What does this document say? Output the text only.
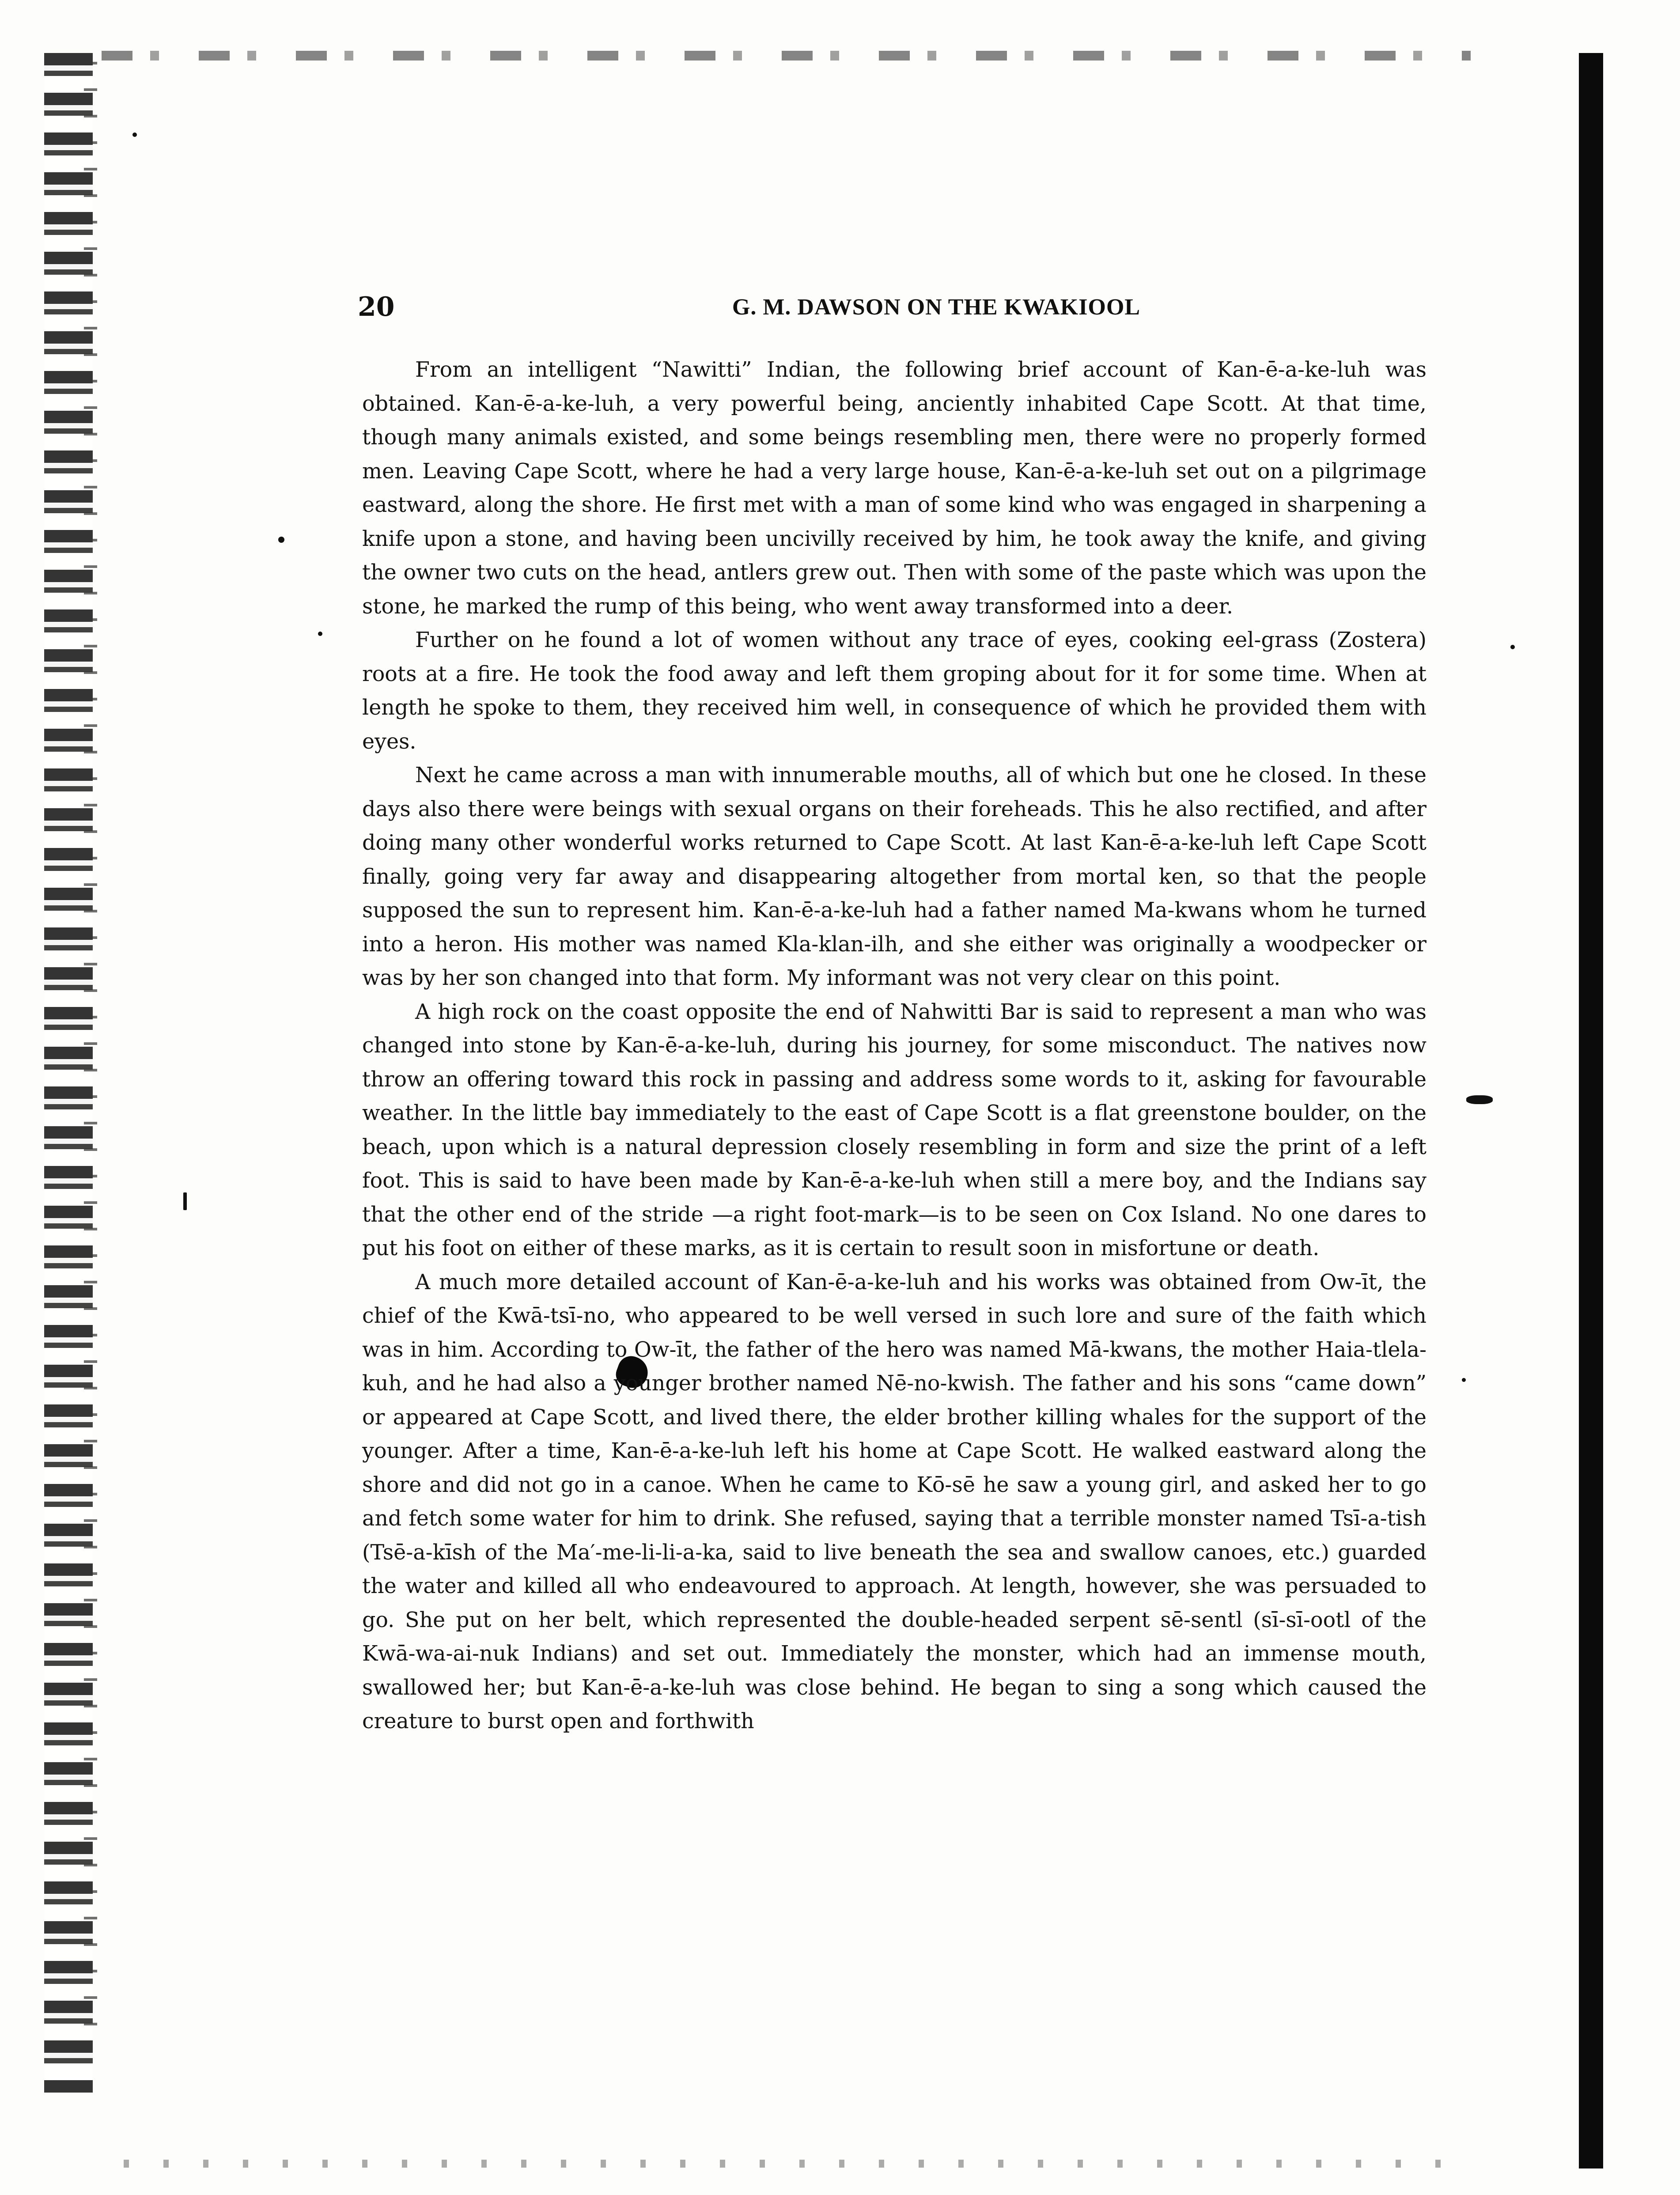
20	G. M. DAWSON ON THE KWAKIOOL

From an intelligent “Nawitti” Indian, the following brief account of Kan-ē-a-ke-luh was obtained. Kan-ē-a-ke-luh, a very powerful being, anciently inhabited Cape Scott. At that time, though many animals existed, and some beings resembling men, there were no properly formed men. Leaving Cape Scott, where he had a very large house, Kan-ē-a-ke-luh set out on a pilgrimage eastward, along the shore. He first met with a man of some kind who was engaged in sharpening a knife upon a stone, and having been uncivilly received by him, he took away the knife, and giving the owner two cuts on the head, antlers grew out. Then with some of the paste which was upon the stone, he marked the rump of this being, who went away transformed into a deer.

Further on he found a lot of women without any trace of eyes, cooking eel-grass (Zostera) roots at a fire. He took the food away and left them groping about for it for some time. When at length he spoke to them, they received him well, in consequence of which he provided them with eyes.

Next he came across a man with innumerable mouths, all of which but one he closed. In these days also there were beings with sexual organs on their foreheads. This he also rectified, and after doing many other wonderful works returned to Cape Scott. At last Kan-ē-a-ke-luh left Cape Scott finally, going very far away and disappearing altogether from mortal ken, so that the people supposed the sun to represent him. Kan-ē-a-ke-luh had a father named Ma-kwans whom he turned into a heron. His mother was named Kla-klan-ilh, and she either was originally a woodpecker or was by her son changed into that form. My informant was not very clear on this point.

A high rock on the coast opposite the end of Nahwitti Bar is said to represent a man who was changed into stone by Kan-ē-a-ke-luh, during his journey, for some misconduct. The natives now throw an offering toward this rock in passing and address some words to it, asking for favourable weather. In the little bay immediately to the east of Cape Scott is a flat greenstone boulder, on the beach, upon which is a natural depression closely resembling in form and size the print of a left foot. This is said to have been made by Kan-ē-a-ke-luh when still a mere boy, and the Indians say that the other end of the stride —a right foot-mark—is to be seen on Cox Island. No one dares to put his foot on either of these marks, as it is certain to result soon in misfortune or death.

A much more detailed account of Kan-ē-a-ke-luh and his works was obtained from Ow-īt, the chief of the Kwā-tsī-no, who appeared to be well versed in such lore and sure of the faith which was in him. According to Ow-īt, the father of the hero was named Mā-kwans, the mother Haia-tlela-kuh, and he had also a younger brother named Nē-no-kwish. The father and his sons “came down” or appeared at Cape Scott, and lived there, the elder brother killing whales for the support of the younger. After a time, Kan-ē-a-ke-luh left his home at Cape Scott. He walked eastward along the shore and did not go in a canoe. When he came to Kō-sē he saw a young girl, and asked her to go and fetch some water for him to drink. She refused, saying that a terrible monster named Tsī-a-tish (Tsē-a-kīsh of the Ma′-me-li-li-a-ka, said to live beneath the sea and swallow canoes, etc.) guarded the water and killed all who endeavoured to approach. At length, however, she was persuaded to go. She put on her belt, which represented the double-headed serpent sē-sentl (sī-sī-ootl of the Kwā-wa-ai-nuk Indians) and set out. Immediately the monster, which had an immense mouth, swallowed her; but Kan-ē-a-ke-luh was close behind. He began to sing a song which caused the creature to burst open and forthwith
